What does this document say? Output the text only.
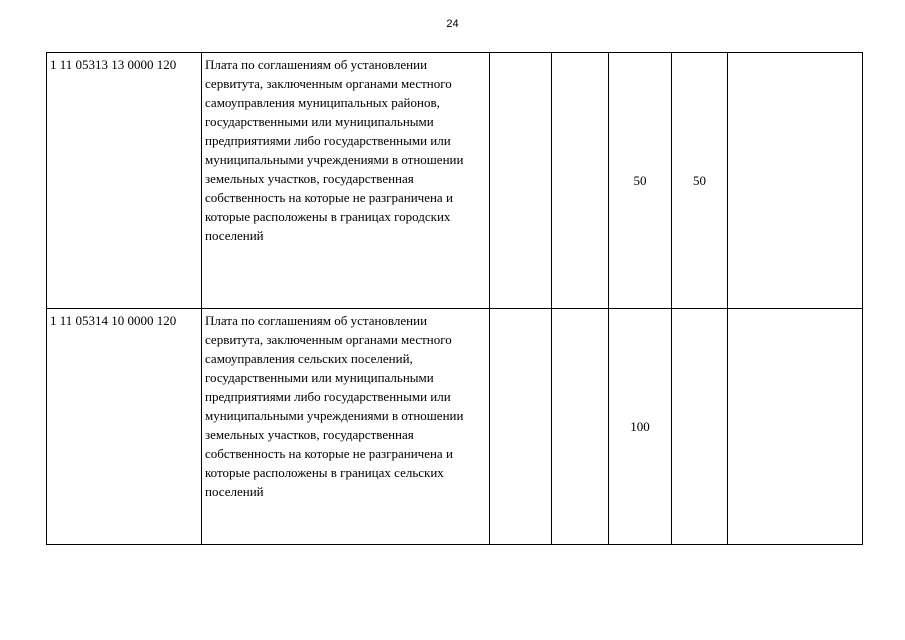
24
1 11 05313 13 0000 120	Плата по соглашениям об установлении сервитута, заключенным органами местного самоуправления муниципальных районов, государственными или муниципальными предприятиями либо государственными или муниципальными учреждениями в отношении земельных участков, государственная собственность на которые не разграничена и которые расположены в границах городских поселений			50	50	
1 11 05314 10 0000 120	Плата по соглашениям об установлении сервитута, заключенным органами местного самоуправления сельских поселений, государственными или муниципальными предприятиями либо государственными или муниципальными учреждениями в отношении земельных участков, государственная собственность на которые не разграничена и которые расположены в границах сельских поселений			100		
